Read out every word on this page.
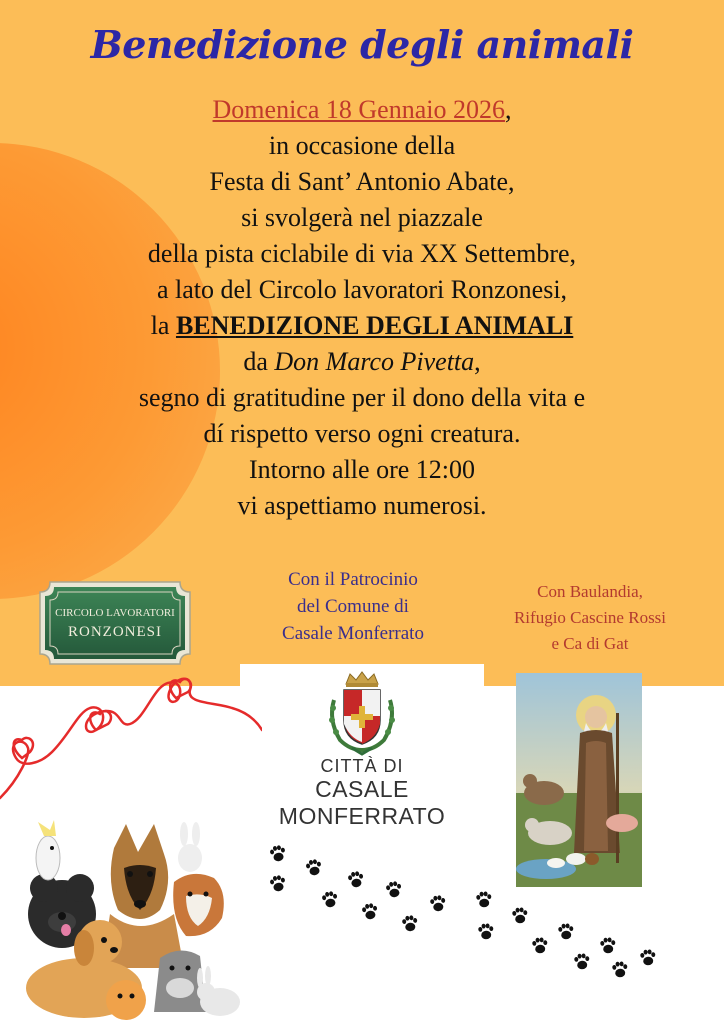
Benedizione degli animali

Domenica 18 Gennaio 2026,

in occasione della

Festa di Sant’ Antonio Abate,

si svolgerà nel piazzale

della pista ciclabile di via XX Settembre,

a lato del Circolo lavoratori Ronzonesi,

la BENEDIZIONE DEGLI ANIMALI

da Don Marco Pivetta,

segno di gratitudine per il dono della vita e

dí rispetto verso ogni creatura.

Intorno alle ore 12:00

vi aspettiamo numerosi.

CIRCOLO LAVORATORI
RONZONESI
Con il Patrocinio
del Comune di
Casale Monferrato
Con Baulandia,
Rifugio Cascine Rossi
e Ca di Gat
CITTÀ DI
CASALE MONFERRATO
